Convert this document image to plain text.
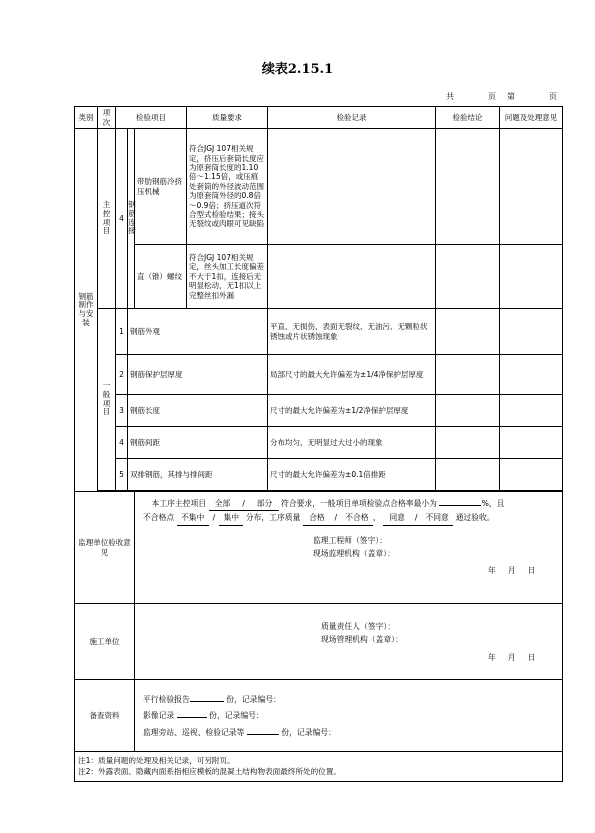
续表2.15.1
共	页 第	页
类别	项次	检验项目			质量要求	检验记录	检验结论	问题及处理意见	

钢筋制作与安装	主控项目	4	钢筋连接	带肋钢筋冷挤压机械	符合JGJ 107相关规定，挤压后套筒长度应为原套筒长度的1.10倍～1.15倍，或压痕处套筒的外径波动范围为原套筒外径的0.8倍～0.9倍；挤压道次符合型式检验结果；接头无裂纹或肉眼可见缺陷				
				直（锥）螺纹	符合JGJ 107相关规定，丝头加工长度偏差不大于1扣，连接后无明显松动，无1扣以上完整丝扣外漏				

	一般项目	1	钢筋外观			平直、无损伤，表面无裂纹、无油污、无颗粒状锈蚀或片状锈蚀现象			
		2	钢筋保护层厚度			局部尺寸的最大允许偏差为±1/4净保护层厚度			
		3	钢筋长度			尺寸的最大允许偏差为±1/2净保护层厚度			
		4	钢筋间距			分布均匀，无明显过大过小的现象			
		5	双排钢筋，其排与排间距			尺寸的最大允许偏差为±0.1倍排距			

监理单位验收意见				本工序主控项目 全部 / 部分 符合要求，一般项目单项检验点合格率最小为 %，且
不合格点 不集中 / 集中 分布，工序质量 合格 / 不合格 ， 同意 / 不同意 通过验收。
监理工程师（签字）：
现场监理机构（盖章）：
年 月 日					

施工单位				质量责任人（签字）：
现场管理机构（盖章）：
年 月 日					

备查资料				平行检验报告 份，记录编号：
影像记录 份，记录编号：
监理旁站、巡视、检验记录等 份，记录编号：					

注1：质量问题的处理及相关记录，可另附页。
注2：外露表面、隐藏内面系指相应模板的混凝土结构物表面最终所处的位置。									
